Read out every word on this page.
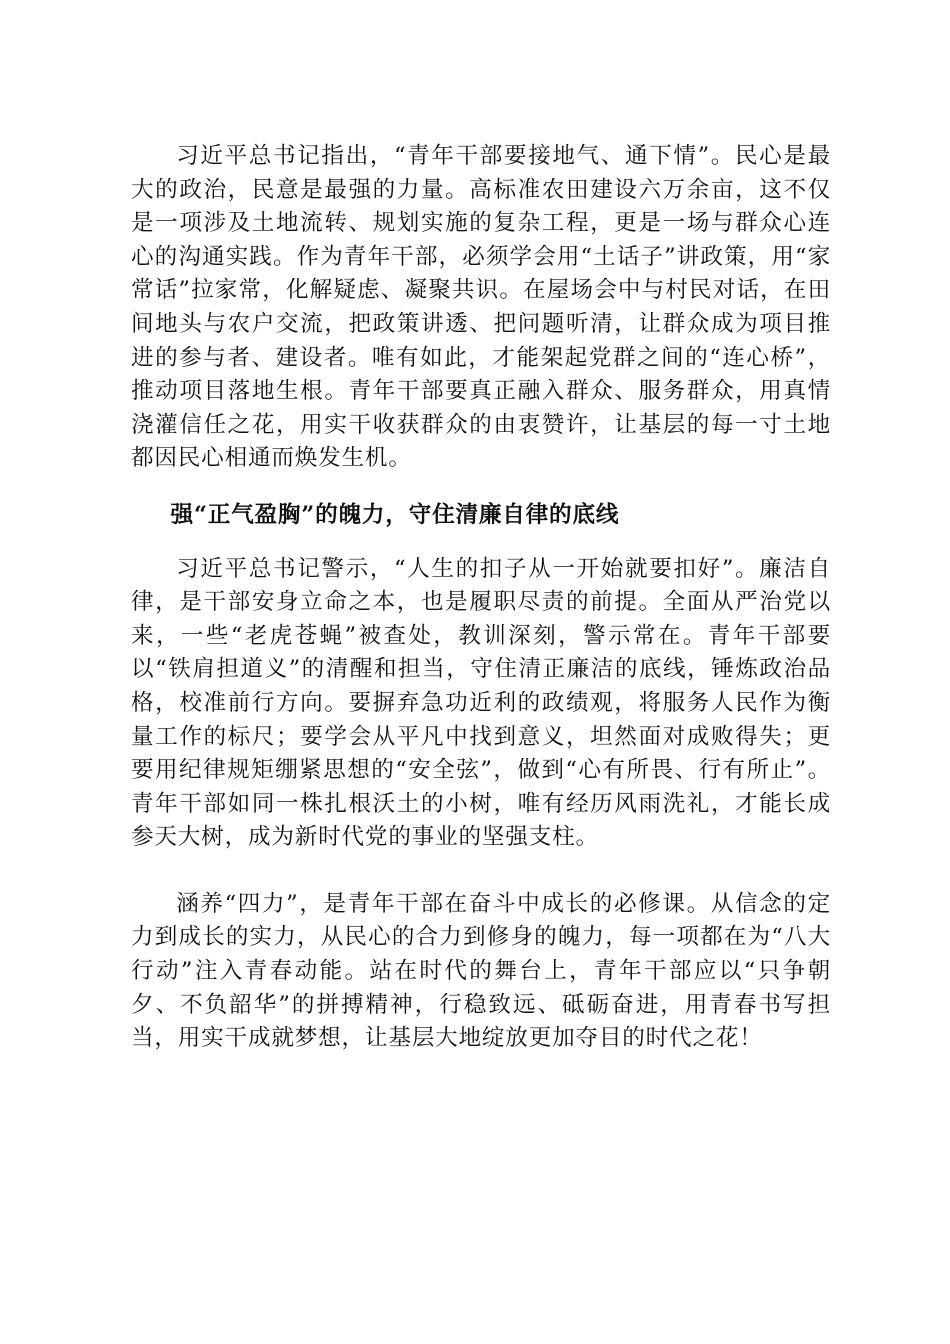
习近平总书记指出，“青年干部要接地气、通下情”。民心是最大的政治，民意是最强的力量。高标准农田建设六万余亩，这不仅是一项涉及土地流转、规划实施的复杂工程，更是一场与群众心连心的沟通实践。作为青年干部，必须学会用“土话子”讲政策，用“家常话”拉家常，化解疑虑、凝聚共识。在屋场会中与村民对话，在田间地头与农户交流，把政策讲透、把问题听清，让群众成为项目推进的参与者、建设者。唯有如此，才能架起党群之间的“连心桥”，推动项目落地生根。青年干部要真正融入群众、服务群众，用真情浇灌信任之花，用实干收获群众的由衷赞许，让基层的每一寸土地都因民心相通而焕发生机。

强“正气盈胸”的魄力，守住清廉自律的底线

习近平总书记警示，“人生的扣子从一开始就要扣好”。廉洁自律，是干部安身立命之本，也是履职尽责的前提。全面从严治党以来，一些“老虎苍蝇”被查处，教训深刻，警示常在。青年干部要以“铁肩担道义”的清醒和担当，守住清正廉洁的底线，锤炼政治品格，校准前行方向。要摒弃急功近利的政绩观，将服务人民作为衡量工作的标尺；要学会从平凡中找到意义，坦然面对成败得失；更要用纪律规矩绷紧思想的“安全弦”，做到“心有所畏、行有所止”。青年干部如同一株扎根沃土的小树，唯有经历风雨洗礼，才能长成参天大树，成为新时代党的事业的坚强支柱。

涵养“四力”，是青年干部在奋斗中成长的必修课。从信念的定力到成长的实力，从民心的合力到修身的魄力，每一项都在为“八大行动”注入青春动能。站在时代的舞台上，青年干部应以“只争朝夕、不负韶华”的拼搏精神，行稳致远、砥砺奋进，用青春书写担当，用实干成就梦想，让基层大地绽放更加夺目的时代之花！
